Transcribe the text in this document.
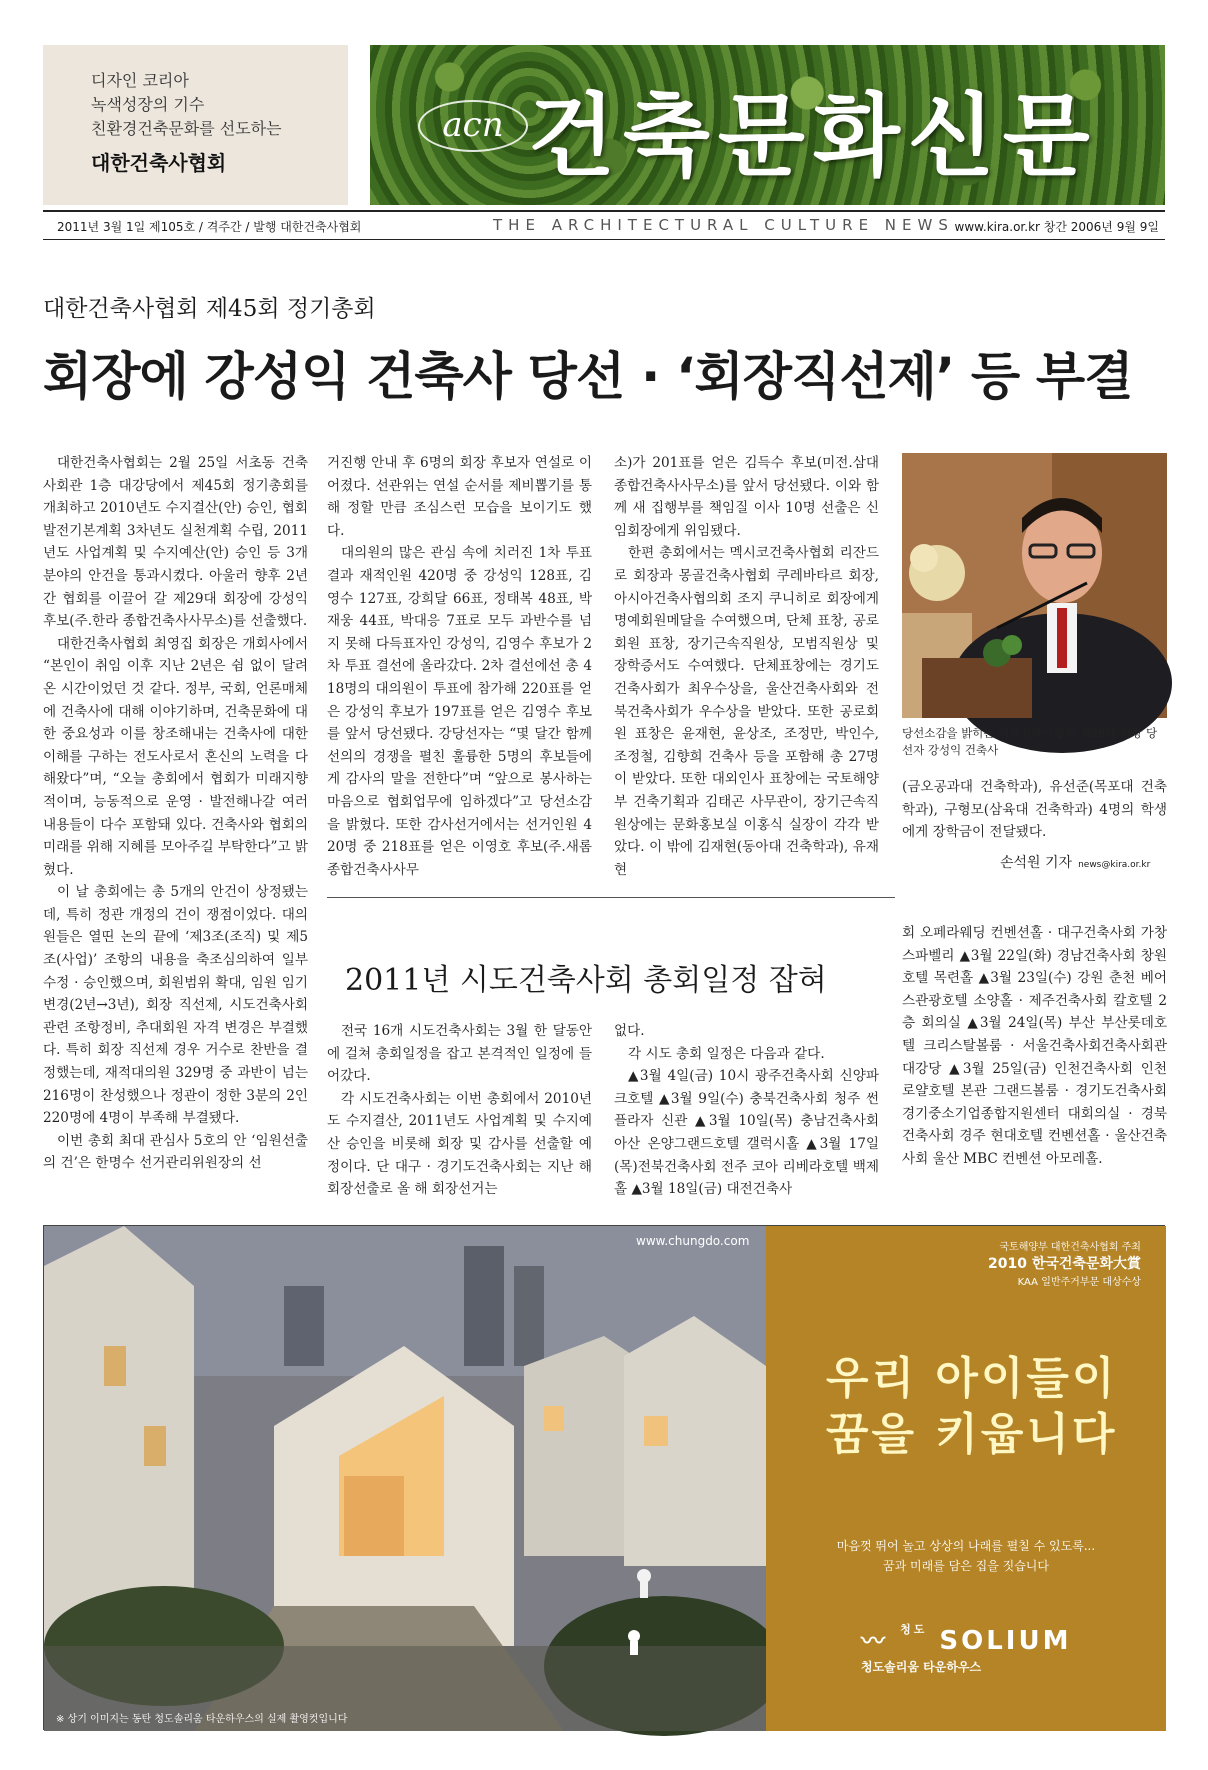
디자인 코리아
녹색성장의 기수
친환경건축문화를 선도하는
대한건축사협회
acn 건축문화신문
2011년 3월 1일 제105호 / 격주간 / 발행 대한건축사협회	THE ARCHITECTURAL CULTURE NEWS www.kira.or.kr 창간 2006년 9월 9일
대한건축사협회 제45회 정기총회
회장에 강성익 건축사 당선 · ‘회장직선제’ 등 부결

대한건축사협회는 2월 25일 서초동 건축사회관 1층 대강당에서 제45회 정기총회를 개최하고 2010년도 수지결산(안) 승인, 협회발전기본계획 3차년도 실천계획 수립, 2011년도 사업계획 및 수지예산(안) 승인 등 3개 분야의 안건을 통과시켰다. 아울러 향후 2년간 협회를 이끌어 갈 제29대 회장에 강성익 후보(주.한라 종합건축사사무소)를 선출했다.

대한건축사협회 최영집 회장은 개회사에서 “본인이 취임 이후 지난 2년은 쉼 없이 달려온 시간이었던 것 같다. 정부, 국회, 언론매체에 건축사에 대해 이야기하며, 건축문화에 대한 중요성과 이를 창조해내는 건축사에 대한 이해를 구하는 전도사로서 혼신의 노력을 다해왔다”며, “오늘 총회에서 협회가 미래지향적이며, 능동적으로 운영 · 발전해나갈 여러 내용들이 다수 포함돼 있다. 건축사와 협회의 미래를 위해 지혜를 모아주길 부탁한다”고 밝혔다.

이 날 총회에는 총 5개의 안건이 상정됐는데, 특히 정관 개정의 건이 쟁점이었다. 대의원들은 열띤 논의 끝에 ‘제3조(조직) 및 제5조(사업)’ 조항의 내용을 축조심의하여 일부 수정 · 승인했으며, 회원범위 확대, 임원 임기변경(2년→3년), 회장 직선제, 시도건축사회 관련 조항정비, 추대회원 자격 변경은 부결했다. 특히 회장 직선제 경우 거수로 찬반을 결정했는데, 재적대의원 329명 중 과반이 넘는 216명이 찬성했으나 정관이 정한 3분의 2인 220명에 4명이 부족해 부결됐다.

이번 총회 최대 관심사 5호의 안 ‘임원선출의 건’은 한명수 선거관리위원장의 선

거진행 안내 후 6명의 회장 후보자 연설로 이어졌다. 선관위는 연설 순서를 제비뽑기를 통해 정할 만큼 조심스런 모습을 보이기도 했다.

대의원의 많은 관심 속에 치러진 1차 투표 결과 재적인원 420명 중 강성익 128표, 김영수 127표, 강희달 66표, 정태복 48표, 박재웅 44표, 박대응 7표로 모두 과반수를 넘지 못해 다득표자인 강성익, 김영수 후보가 2차 투표 결선에 올라갔다. 2차 결선에선 총 418명의 대의원이 투표에 참가해 220표를 얻은 강성익 후보가 197표를 얻은 김영수 후보를 앞서 당선됐다. 강당선자는 “몇 달간 함께 선의의 경쟁을 펼친 훌륭한 5명의 후보들에게 감사의 말을 전한다”며 “앞으로 봉사하는 마음으로 협회업무에 임하겠다”고 당선소감을 밝혔다. 또한 감사선거에서는 선거인원 420명 중 218표를 얻은 이영호 후보(주.새롬 종합건축사사무

소)가 201표를 얻은 김득수 후보(미전.삼대종합건축사사무소)를 앞서 당선됐다. 이와 함께 새 집행부를 책임질 이사 10명 선출은 신임회장에게 위임됐다.

한편 총회에서는 멕시코건축사협회 리잔드로 회장과 몽골건축사협회 쿠레바타르 회장, 아시아건축사협의회 조지 쿠니히로 회장에게 명예회원메달을 수여했으며, 단체 표창, 공로회원 표창, 장기근속직원상, 모범직원상 및 장학증서도 수여했다. 단체표창에는 경기도건축사회가 최우수상을, 울산건축사회와 전북건축사회가 우수상을 받았다. 또한 공로회원 표창은 윤재현, 윤상조, 조정만, 박인수, 조정철, 김향희 건축사 등을 포함해 총 27명이 받았다. 또한 대외인사 표창에는 국토해양부 건축기획과 김태곤 사무관이, 장기근속직원상에는 문화홍보실 이홍식 실장이 각각 받았다. 이 밖에 김재현(동아대 건축학과), 유재현

당선소감을 밝히는 대한건축사협회 제29대 회장 당선자 강성익 건축사

(금오공과대 건축학과), 유선준(목포대 건축학과), 구형모(삼육대 건축학과) 4명의 학생에게 장학금이 전달됐다.

손석원 기자 news@kira.or.kr
2011년 시도건축사회 총회일정 잡혀

전국 16개 시도건축사회는 3월 한 달동안에 걸쳐 총회일정을 잡고 본격적인 일정에 들어갔다.

각 시도건축사회는 이번 총회에서 2010년도 수지결산, 2011년도 사업계획 및 수지예산 승인을 비롯해 회장 및 감사를 선출할 예정이다. 단 대구 · 경기도건축사회는 지난 해 회장선출로 올 해 회장선거는

없다.

각 시도 총회 일정은 다음과 같다.

▲3월 4일(금) 10시 광주건축사회 신양파크호텔 ▲3월 9일(수) 충북건축사회 청주 썬플라자 신관 ▲3월 10일(목) 충남건축사회 아산 온양그랜드호텔 갤럭시홀 ▲3월 17일(목)전북건축사회 전주 코아 리베라호텔 백제홀 ▲3월 18일(금) 대전건축사

회 오페라웨딩 컨벤션홀 · 대구건축사회 가창 스파벨리 ▲3월 22일(화) 경남건축사회 창원호텔 목련홀 ▲3월 23일(수) 강원 춘천 베어스관광호텔 소양홀 · 제주건축사회 칼호텔 2층 회의실 ▲3월 24일(목) 부산 부산롯데호텔 크리스탈볼룸 · 서울건축사회건축사회관 대강당 ▲3월 25일(금) 인천건축사회 인천 로얄호텔 본관 그랜드볼룸 · 경기도건축사회 경기중소기업종합지원센터 대회의실 · 경북건축사회 경주 현대호텔 컨벤션홀 · 울산건축사회 울산 MBC 컨벤션 아모레홀.

www.chungdo.com
※ 상기 이미지는 동탄 청도솔리움 타운하우스의 실제 촬영컷입니다
국토해양부 대한건축사협회 주최
2010 한국건축문화大賞
KAA 일반주거부문 대상수상
우리 아이들이
꿈을 키웁니다
마음껏 뛰어 놀고 상상의 나래를 펼칠 수 있도록...
꿈과 미래를 담은 집을 짓습니다
〰 $^{청도}$ SOLIUM
청도솔리움 타운하우스
